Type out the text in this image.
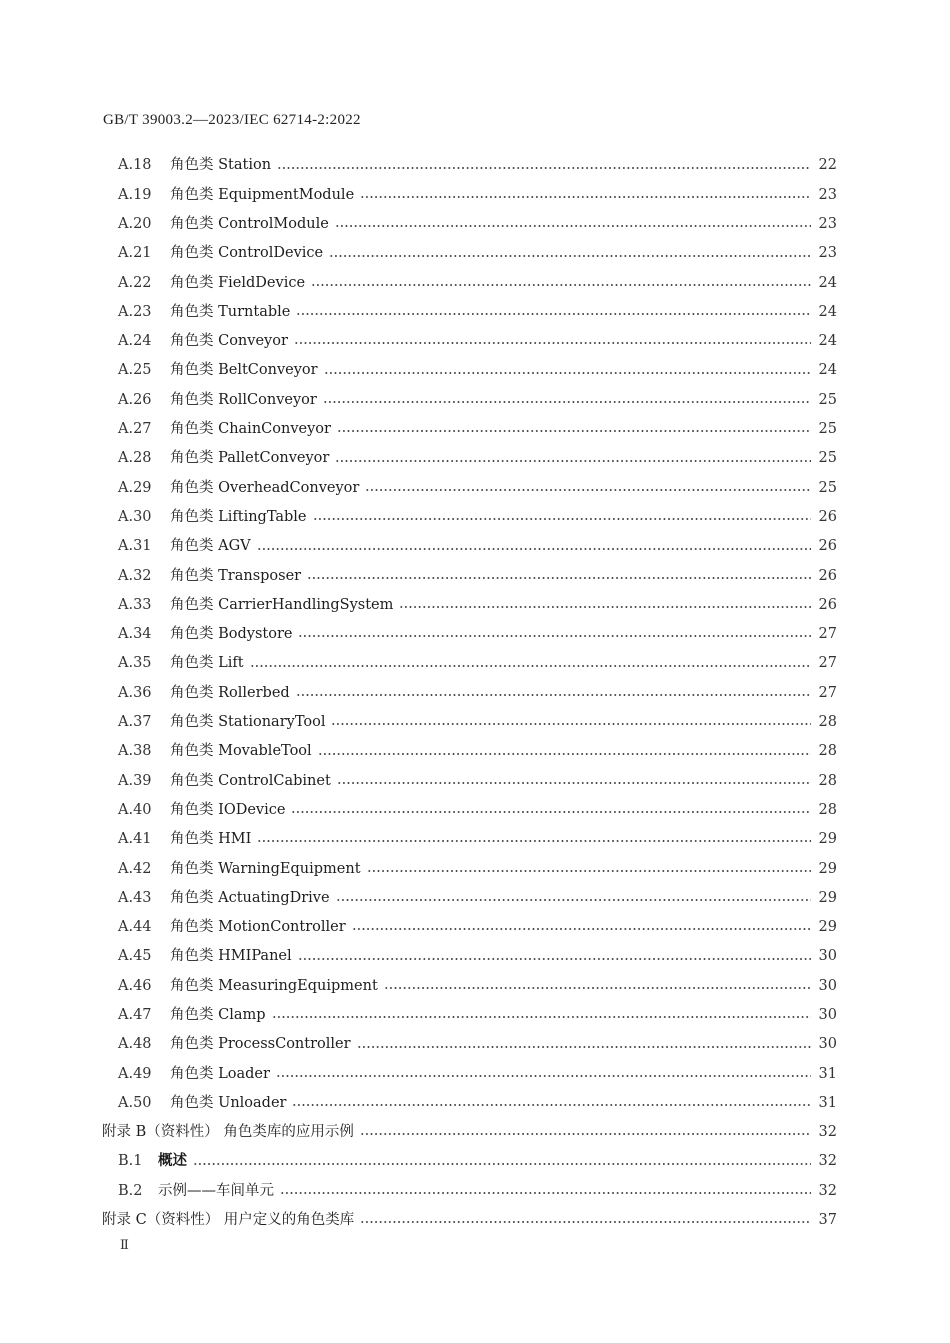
GB/T 39003.2—2023/IEC 62714-2:2022
A.18	角色类 Station	22
A.19	角色类 EquipmentModule	23
A.20	角色类 ControlModule	23
A.21	角色类 ControlDevice	23
A.22	角色类 FieldDevice	24
A.23	角色类 Turntable	24
A.24	角色类 Conveyor	24
A.25	角色类 BeltConveyor	24
A.26	角色类 RollConveyor	25
A.27	角色类 ChainConveyor	25
A.28	角色类 PalletConveyor	25
A.29	角色类 OverheadConveyor	25
A.30	角色类 LiftingTable	26
A.31	角色类 AGV	26
A.32	角色类 Transposer	26
A.33	角色类 CarrierHandlingSystem	26
A.34	角色类 Bodystore	27
A.35	角色类 Lift	27
A.36	角色类 Rollerbed	27
A.37	角色类 StationaryTool	28
A.38	角色类 MovableTool	28
A.39	角色类 ControlCabinet	28
A.40	角色类 IODevice	28
A.41	角色类 HMI	29
A.42	角色类 WarningEquipment	29
A.43	角色类 ActuatingDrive	29
A.44	角色类 MotionController	29
A.45	角色类 HMIPanel	30
A.46	角色类 MeasuringEquipment	30
A.47	角色类 Clamp	30
A.48	角色类 ProcessController	30
A.49	角色类 Loader	31
A.50	角色类 Unloader	31
附录 B（资料性） 角色类库的应用示例	32
B.1	概述	32
B.2	示例——车间单元	32
附录 C（资料性） 用户定义的角色类库	37
Ⅱ
